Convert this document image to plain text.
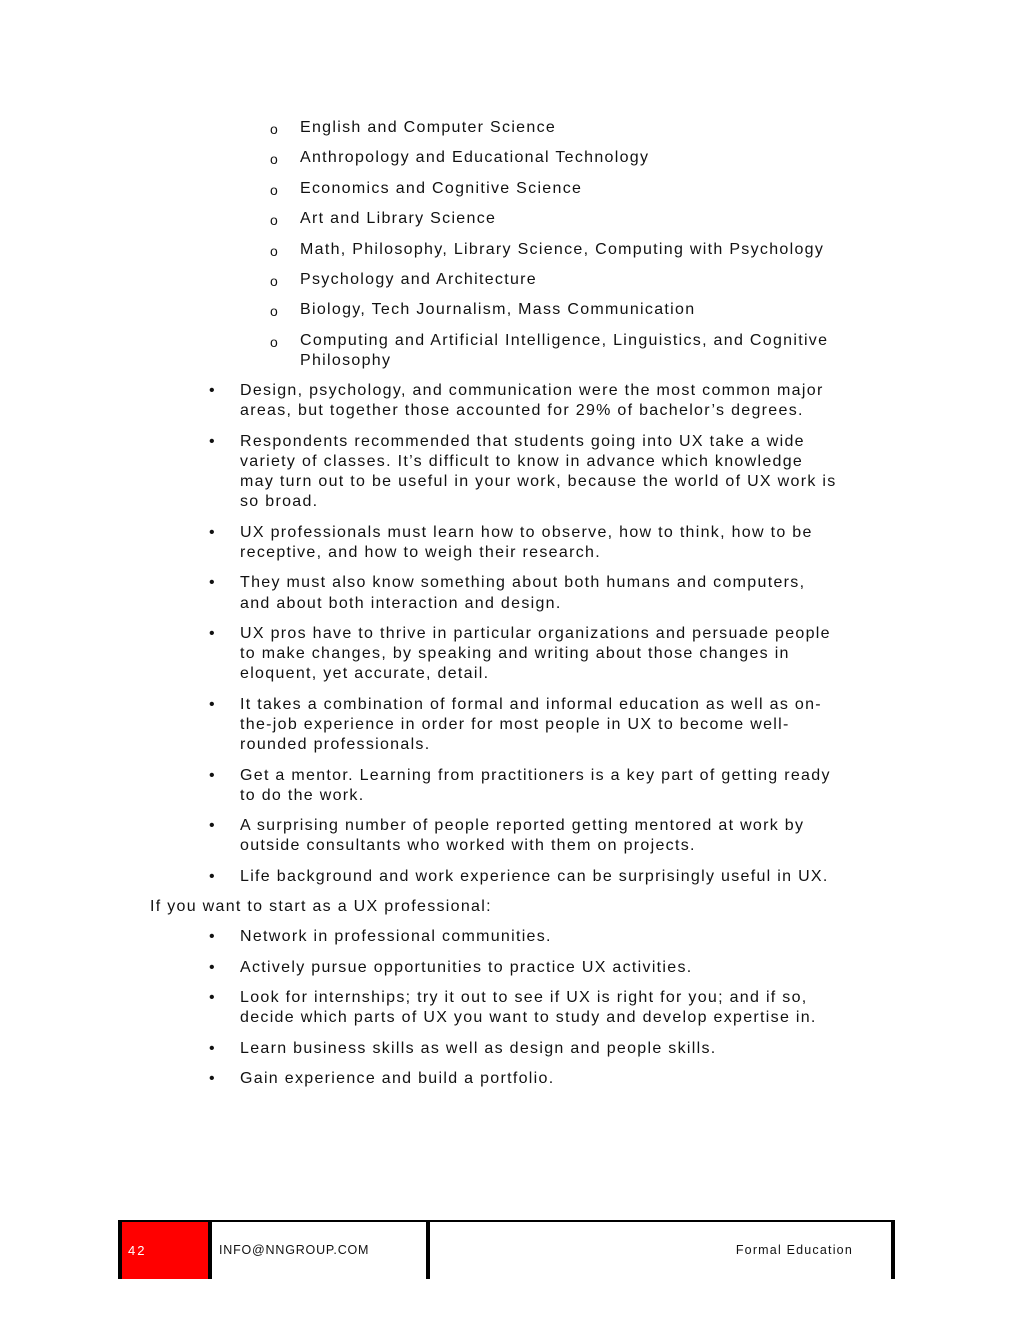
o English and Computer Science
o Anthropology and Educational Technology
o Economics and Cognitive Science
o Art and Library Science
o Math, Philosophy, Library Science, Computing with Psychology
o Psychology and Architecture
o Biology, Tech Journalism, Mass Communication
o Computing and Artificial Intelligence, Linguistics, and Cognitive Philosophy
• Design, psychology, and communication were the most common major areas, but together those accounted for 29% of bachelor’s degrees.
• Respondents recommended that students going into UX take a wide variety of classes. It’s difficult to know in advance which knowledge may turn out to be useful in your work, because the world of UX work is so broad.
• UX professionals must learn how to observe, how to think, how to be receptive, and how to weigh their research.
• They must also know something about both humans and computers, and about both interaction and design.
• UX pros have to thrive in particular organizations and persuade people to make changes, by speaking and writing about those changes in eloquent, yet accurate, detail.
• It takes a combination of formal and informal education as well as on-the-job experience in order for most people in UX to become well-rounded professionals.
• Get a mentor. Learning from practitioners is a key part of getting ready to do the work.
• A surprising number of people reported getting mentored at work by outside consultants who worked with them on projects.
• Life background and work experience can be surprisingly useful in UX.

If you want to start as a UX professional:

• Network in professional communities.
• Actively pursue opportunities to practice UX activities.
• Look for internships; try it out to see if UX is right for you; and if so, decide which parts of UX you want to study and develop expertise in.
• Learn business skills as well as design and people skills.
• Gain experience and build a portfolio.
42	INFO@NNGROUP.COM	Formal Education
